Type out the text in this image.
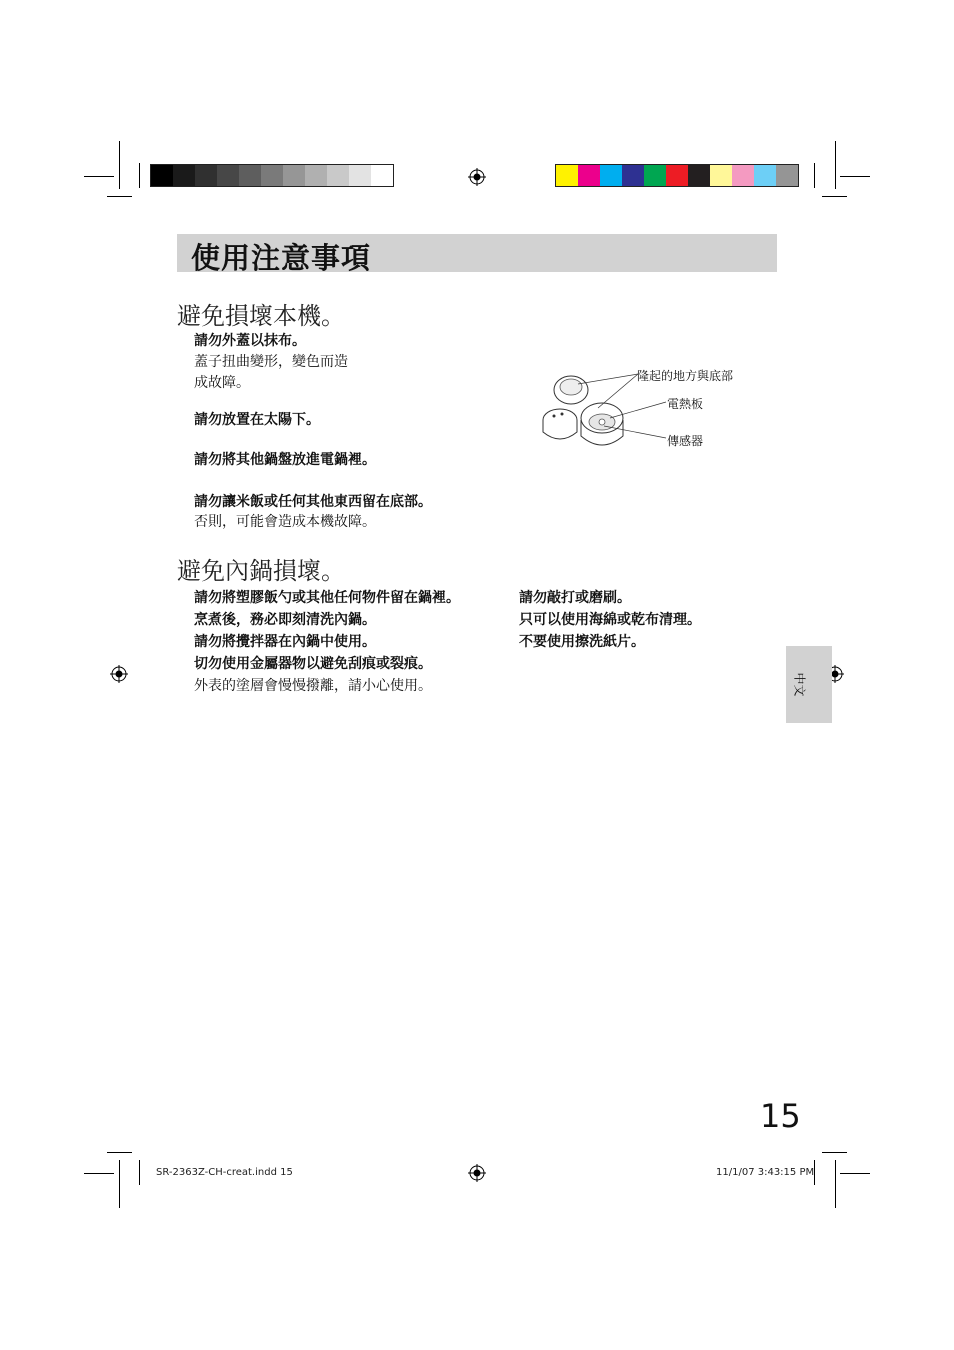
使用注意事項
避免損壞本機。
請勿外蓋以抹布。
蓋子扭曲變形，變色而造
成故障。
請勿放置在太陽下。
請勿將其他鍋盤放進電鍋裡。
請勿讓米飯或任何其他東西留在底部。
否則，可能會造成本機故障。
隆起的地方與底部
電熱板
傳感器
避免內鍋損壞。
請勿將塑膠飯勺或其他任何物件留在鍋裡。
烹煮後，務必即刻清洗內鍋。
請勿將攪拌器在內鍋中使用。
切勿使用金屬器物以避免刮痕或裂痕。
外表的塗層會慢慢撥離，請小心使用。
請勿敲打或磨刷。
只可以使用海綿或乾布清理。
不要使用擦洗紙片。
中文
15
SR-2363Z-CH-creat.indd 15	11/1/07 3:43:15 PM
